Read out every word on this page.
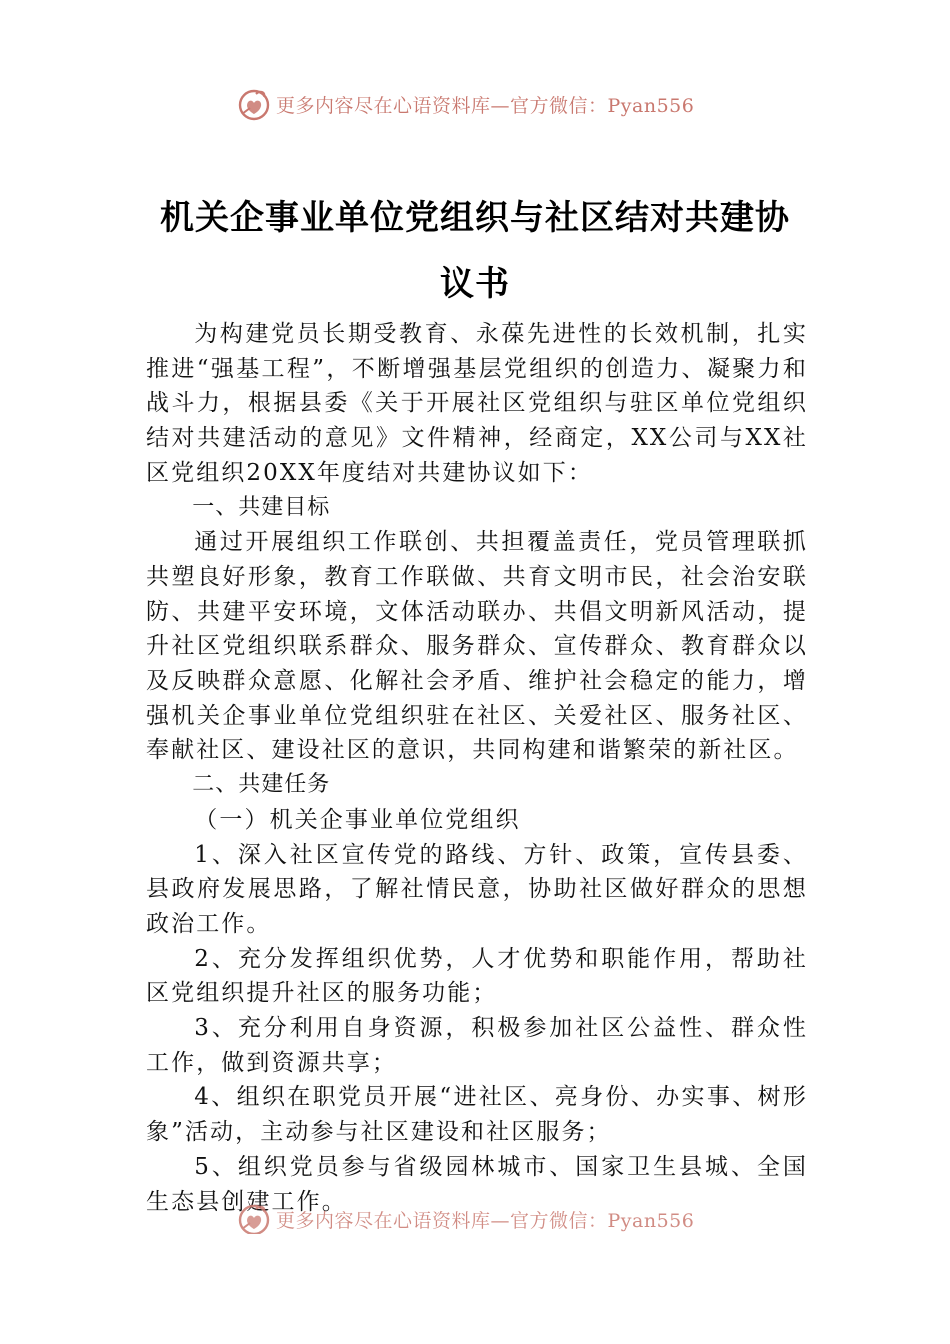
更多内容尽在心语资料库—官方微信：Pyan556
机关企事业单位党组织与社区结对共建协
议书

为构建党员长期受教育、永葆先进性的长效机制，扎实推进“强基工程”，不断增强基层党组织的创造力、凝聚力和战斗力，根据县委《关于开展社区党组织与驻区单位党组织结对共建活动的意见》文件精神，经商定，XX公司与XX社区党组织20XX年度结对共建协议如下：

一、共建目标

通过开展组织工作联创、共担覆盖责任，党员管理联抓共塑良好形象，教育工作联做、共育文明市民，社会治安联防、共建平安环境，文体活动联办、共倡文明新风活动，提升社区党组织联系群众、服务群众、宣传群众、教育群众以及反映群众意愿、化解社会矛盾、维护社会稳定的能力，增强机关企事业单位党组织驻在社区、关爱社区、服务社区、奉献社区、建设社区的意识，共同构建和谐繁荣的新社区。

二、共建任务

（一）机关企事业单位党组织

1、深入社区宣传党的路线、方针、政策，宣传县委、县政府发展思路，了解社情民意，协助社区做好群众的思想政治工作。

2、充分发挥组织优势，人才优势和职能作用，帮助社区党组织提升社区的服务功能；

3、充分利用自身资源，积极参加社区公益性、群众性工作，做到资源共享；

4、组织在职党员开展“进社区、亮身份、办实事、树形象”活动，主动参与社区建设和社区服务；

5、组织党员参与省级园林城市、国家卫生县城、全国生态县创建工作。

更多内容尽在心语资料库—官方微信：Pyan556
